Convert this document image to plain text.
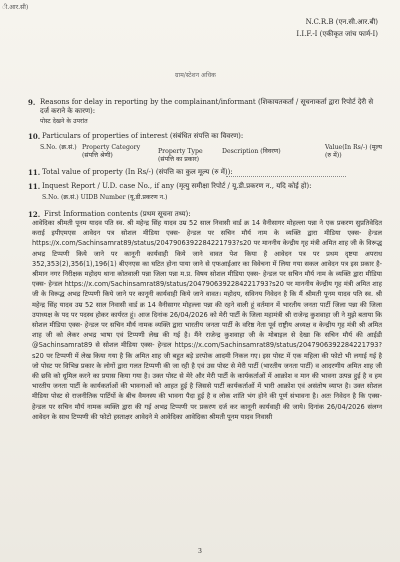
ी.आर.सी)
N.C.R.B (एन.सी.आर.बी)
I.I.F.-I (एकीकृत जांच फार्म-I)
ग्राम/स्टेशन अधिक
9. Reasons for delay in reporting by the complainant/informant (शिकायतकर्ता / सूचनाकर्ता द्वारा रिपोर्ट देरी से दर्ज कराने के कारण):
पोस्ट देखने के उपरांत
10. Particulars of properties of interest (संबंधित संपत्ति का विवरण):
S.No. (क्र.सं.) Property Category (संपत्ति श्रेणी)
Property Type (संपत्ति का प्रकार)
Description (विवरण)
Value(In Rs/-) (मूल्य (रु में))
11. Total value of property (In Rs/-) (संपत्ति का कुल मूल्य (रु में)):
11. Inquest Report / U.D. case No., if any (मृत्यु समीक्षा रिपोर्ट / यू.डी.प्रकरण न., यदि कोई हो):
S.No. (क्र.सं.) UIDB Number (यू.डी.प्रकरण न.)
12. First Information contents (प्रथम सूचना तथ्य):

आवेदिका श्रीमती पूनम यादव पति स्व. श्री महेन्द्र सिंह यादव उम्र 52 साल निवासी वार्ड क्र 14 वैनीसागर मोहल्ला पन्ना ने एक प्रकरण सुप्रतिवेदित कराई इपीएमएस आवेदन पत्र सोशल मीडिया एक्स- हेन्डल पर सचिन मौर्य नाम के व्यक्ति द्वारा मीडिया एक्स- हेन्डल https://x.com/Sachinsamrat89/status/2047906392284221793?s20 पर माननीय केन्द्रीय गृह मंत्री अमित शाह जी के विरूद्ध अभद्र टिप्पणी किये जाने पर कानूनी कार्यवाही किये जाने वावत पेश किया है आवेदन पत्र पर प्रथम दृष्टया अपराध 352,353(2),356(1),196(1) बीएनएस का घटित होना पाया जाने से एफआईआर का विवेचना में लिया गया सकल आवेदन पत्र इस प्रकार है- श्रीमान नगर निरीक्षक महोदय थाना कोतवाली पन्ना जिला पन्ना म.प्र. विषय सोशल मीडिया एक्स- हेन्डल पर सचिन मौर्य नाम के व्यक्ति द्वारा मीडिया एक्स- हेन्डल https://x.com/Sachinsamrat89/status/2047906392284221793?s20 पर माननीय केन्द्रीय गृह मंत्री अमित शाह जी के विरूद्ध अभद्र टिप्पणी किये जाने पर कानूनी कार्यवाही किये जाने वावत। महोदय, सविनय निवेदन है कि मैं श्रीमती पूनम यादव पति स्व. श्री महेन्द्र सिंह यादव उम्र 52 साल निवासी वार्ड क्र 14 वैनीसागर मोहल्ला पन्ना की रहने वाली हूं वर्तमान में भारतीय जनता पार्टी जिला पन्ना की जिला उपाध्यक्ष के पद पर पदस्थ होकर कार्यरत हूं। आज दिनांक 26/04/2026 को मेरी पार्टी के जिला महामंत्री श्री राजेन्द्र कुशवाहा जी ने मुझे बताया कि सोशल मीडिया एक्स- हेन्डल पर सचिन मौर्य नामक व्यक्ति द्वारा भारतीय जनता पार्टी के वरिष्ठ नेता पूर्व राष्ट्रीय अध्यक्ष व केन्द्रीय गृह मंत्री श्री अमित शाह जी को लेकर अभद्र भाषा एवं टिप्पणी लेख की गई है। मैंने राजेन्द्र कुशवाहा जी के मोबाइल से देखा कि सचिन मौर्य की आईडी @Sachinsamrat89 से सोशल मीडिया एक्स- हेन्डल https://x.com/Sachinsamrat89/status/2047906392284221793?s20 पर टिप्पणी में लेख किया गया है कि अमित शाह जी बहुत बड़े डरपोक आदमी निकल गए। इस पोस्ट में एक महिला की फोटो भी लगाई गई है जो पोस्ट पर विभिन्न प्रकार के लोगों द्वारा गलत टिप्पणी की जा रही है एवं उस पोस्ट से मेरी पार्टी (भारतीय जनता पार्टी) व आदरणीय अमित शाह जी की छवि को धूमिल करने का प्रयास किया गया है। उक्त पोस्ट से मेरे और मेरी पार्टी के कार्यकर्ताओं में आक्रोश व मान की भावना उत्पन्न हुई है व हम भारतीय जनता पार्टी के कार्यकर्ताओं की भावनाओं को आहत हुई है जिससे पार्टी कार्यकर्ताओं में भारी आक्रोश एवं असंतोष व्याप्त है। उक्त सोशल मीडिया पोस्ट से राजनीतिक पार्टियों के बीच वैमनस्य की भावना पैदा हुई है व लोक शांति भंग होने की पूर्ण संभावना है। अतः निवेदन है कि एक्स- हेन्डल पर सचिन मौर्य नामक व्यक्ति द्वारा की गई अभद्र टिप्पणी पर प्रकरण दर्ज कर कानूनी कार्यवाही की जाये। दिनांक 26/04/2026 संलग्न आवेदन के साथ टिप्पणी की फोटो हस्ताक्षर आवेदने मे आवेदिका आवेदिका श्रीमती पूनम यादव निवासी

3
